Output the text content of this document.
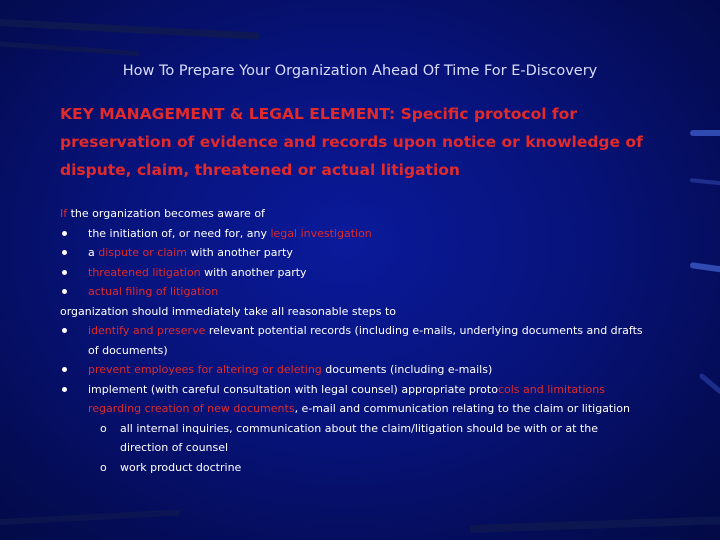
How To Prepare Your Organization Ahead Of Time For E-Discovery
KEY MANAGEMENT & LEGAL ELEMENT: Specific protocol for
preservation of evidence and records upon notice or knowledge of
dispute, claim, threatened or actual litigation
If the organization becomes aware of
the initiation of, or need for, any legal investigation
a dispute or claim with another party
threatened litigation with another party
actual filing of litigation
organization should immediately take all reasonable steps to
identify and preserve relevant potential records (including e-mails, underlying documents and drafts
of documents)
prevent employees for altering or deleting documents (including e-mails)
implement (with careful consultation with legal counsel) appropriate protocols and limitations
regarding creation of new documents, e-mail and communication relating to the claim or litigation
o all internal inquiries, communication about the claim/litigation should be with or at the
direction of counsel
o work product doctrine
